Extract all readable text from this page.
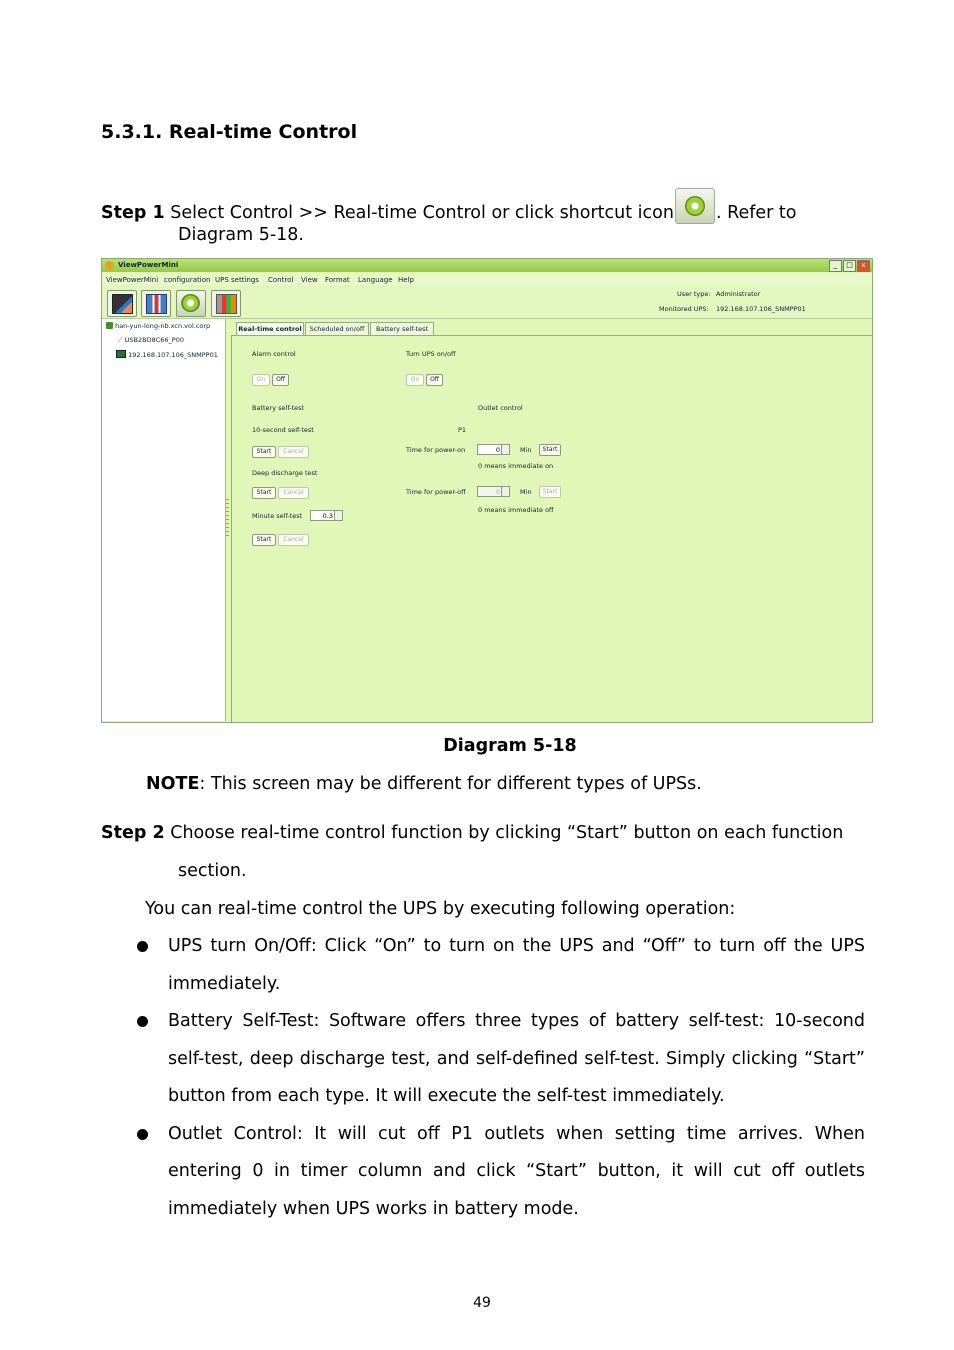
5.3.1. Real-time Control
Step 1 Select Control >> Real-time Control or click shortcut icon . Refer to
Diagram 5-18.
ViewPowerMini	_ □ x
ViewPowerMini configuration UPS settings Control View Format Language Help
User type: Administrator
Monitored UPS: 192.168.107.106_SNMPP01
han-yun-long-nb.xcn.vol.corp
⟋ USB2BD8C66_P00
192.168.107.106_SNMPP01
Real-time control	Scheduled on/off	Battery self-test
Alarm control
On	Off
Turn UPS on/off
On	Off
Battery self-test
10-second self-test
Start	Cancel
Deep discharge test
Start	Cancel
Minute self-test	0.3
Start	Cancel
Outlet control
P1
Time for power-on	0	Min	Start
0 means immediate on
Time for power-off	0	Min	Start
0 means immediate off
Diagram 5-18
NOTE: This screen may be different for different types of UPSs.
Step 2 Choose real-time control function by clicking “Start” button on each function
section.
You can real-time control the UPS by executing following operation:
UPS turn On/Off: Click “On” to turn on the UPS and “Off” to turn off the UPS
immediately.
Battery Self-Test: Software offers three types of battery self-test: 10-second
self-test, deep discharge test, and self-defined self-test. Simply clicking “Start”
button from each type. It will execute the self-test immediately.
Outlet Control: It will cut off P1 outlets when setting time arrives. When
entering 0 in timer column and click “Start” button, it will cut off outlets
immediately when UPS works in battery mode.
49
